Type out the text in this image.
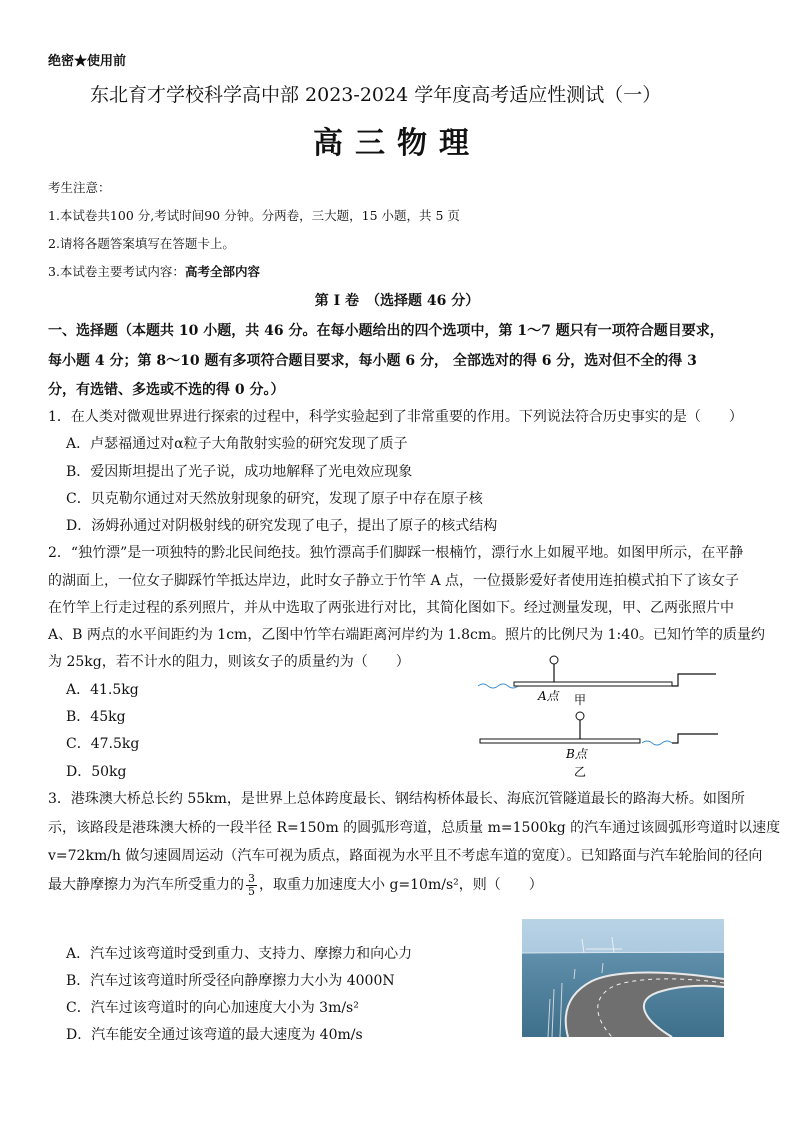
绝密★使用前
东北育才学校科学高中部 2023-2024 学年度高考适应性测试（一）
高三物理
考生注意：
1.本试卷共100 分,考试时间90 分钟。分两卷，三大题，15 小题，共 5 页
2.请将各题答案填写在答题卡上。
3.本试卷主要考试内容：高考全部内容
第 I 卷　（选择题 46 分）
一、选择题（本题共 10 小题，共 46 分。在每小题给出的四个选项中，第 1～7 题只有一项符合题目要求，
每小题 4 分；第 8～10 题有多项符合题目要求，每小题 6 分， 全部选对的得 6 分，选对但不全的得 3
分，有选错、多选或不选的得 0 分。）
1．在人类对微观世界进行探索的过程中，科学实验起到了非常重要的作用。下列说法符合历史事实的是（　　）
A．卢瑟福通过对α粒子大角散射实验的研究发现了质子
B．爱因斯坦提出了光子说，成功地解释了光电效应现象
C．贝克勒尔通过对天然放射现象的研究，发现了原子中存在原子核
D．汤姆孙通过对阴极射线的研究发现了电子，提出了原子的核式结构
2．“独竹漂”是一项独特的黔北民间绝技。独竹漂高手们脚踩一根楠竹，漂行水上如履平地。如图甲所示，在平静
的湖面上，一位女子脚踩竹竿抵达岸边，此时女子静立于竹竿 A 点，一位摄影爱好者使用连拍模式拍下了该女子
在竹竿上行走过程的系列照片，并从中选取了两张进行对比，其简化图如下。经过测量发现，甲、乙两张照片中
A、B 两点的水平间距约为 1cm，乙图中竹竿右端距离河岸约为 1.8cm。照片的比例尺为 1:40。已知竹竿的质量约
为 25kg，若不计水的阻力，则该女子的质量约为（　　）
A．41.5kg
B．45kg
C．47.5kg
D．50kg
A点 甲
B点
乙
3．港珠澳大桥总长约 55km，是世界上总体跨度最长、钢结构桥体最长、海底沉管隧道最长的路海大桥。如图所
示，该路段是港珠澳大桥的一段半径 R=150m 的圆弧形弯道，总质量 m=1500kg 的汽车通过该圆弧形弯道时以速度
v=72km/h 做匀速圆周运动（汽车可视为质点，路面视为水平且不考虑车道的宽度）。已知路面与汽车轮胎间的径向
最大静摩擦力为汽车所受重力的 $\frac{3}{5}$ ，取重力加速度大小 g=10m/s²，则（　　）
A．汽车过该弯道时受到重力、支持力、摩擦力和向心力
B．汽车过该弯道时所受径向静摩擦力大小为 4000N
C．汽车过该弯道时的向心加速度大小为 3m/s²
D．汽车能安全通过该弯道的最大速度为 40m/s
